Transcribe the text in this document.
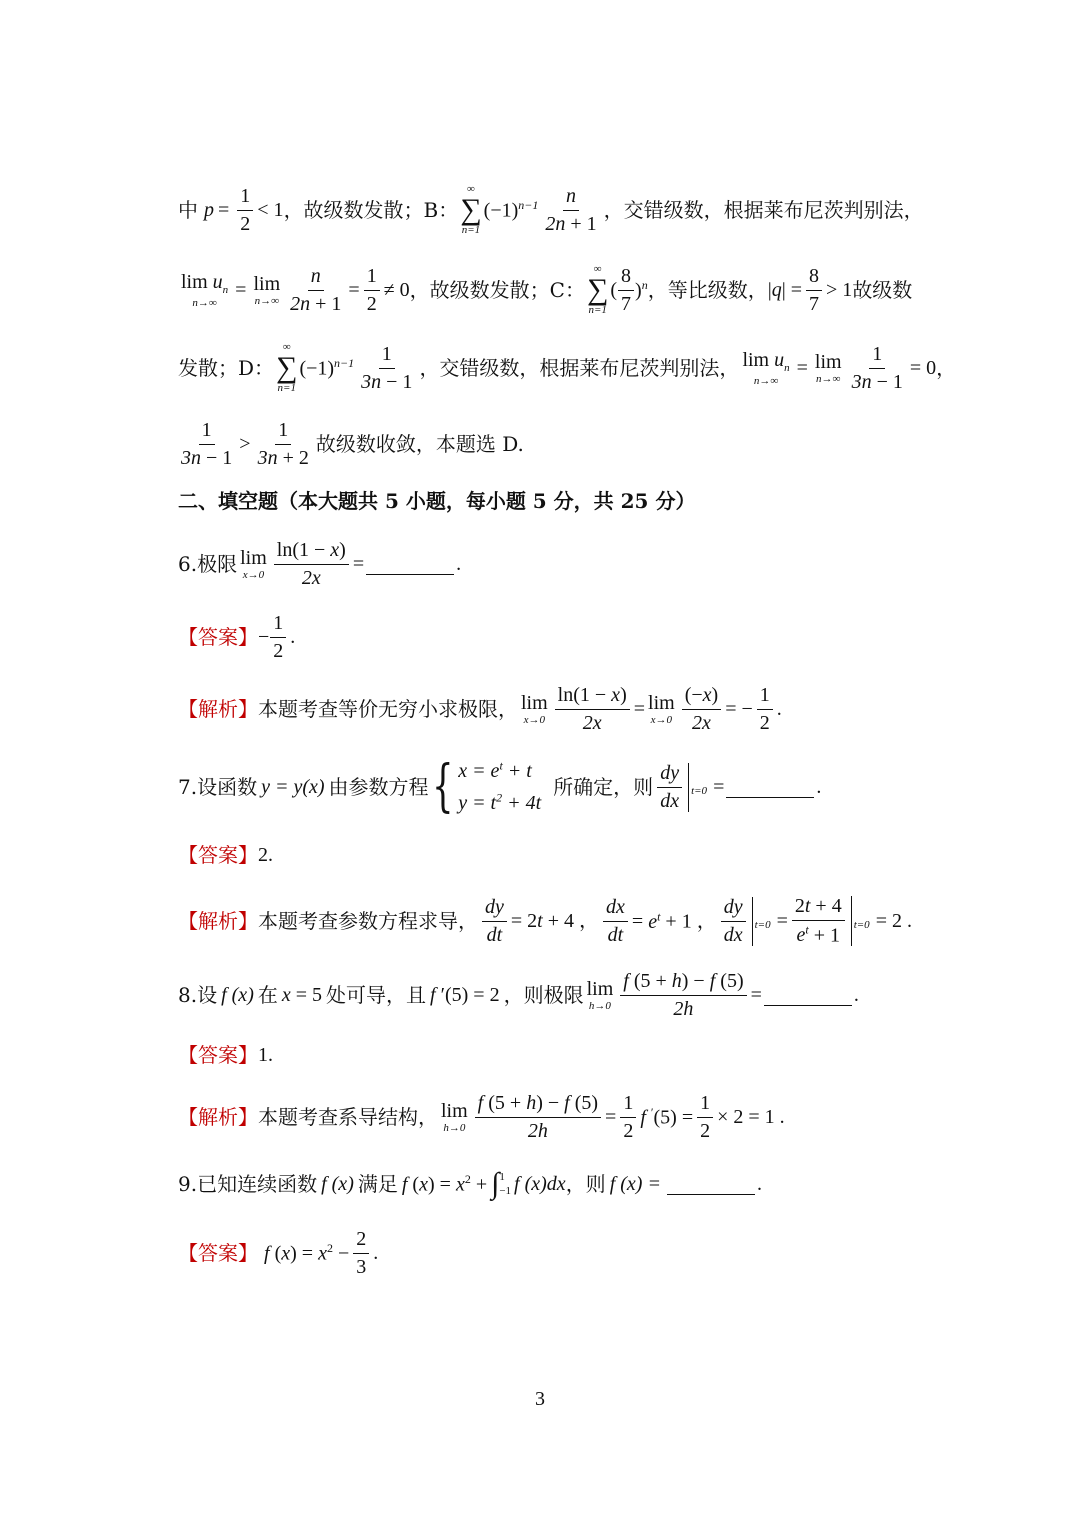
中 $p = \frac{1}{2} < 1$ ，故级数发散；B：
∞
∑
n=1
$(-1)^{n-1} \frac{n}{2n + 1}$ ，交错级数，根据莱布尼茨判别法，
$\lim u_n$
n→∞
= lim
$n\to\infty \frac{n}{2n + 1} = \frac{1}{2} \ne 0$ ，故级数发散；C：
∞
∑
n=1
( $\frac{8}{7} )^n$ ，等比级数， $|q| = \frac{8}{7} > 1$ 故级数
发散；D：
∞
∑
n=1
$(-1)^{n-1} \frac{1}{3n - 1}$ ，交错级数，根据莱布尼茨判别法， $\lim u_n$
n→∞
= lim
$n\to\infty \frac{1}{3n - 1} = 0$ ，
$\frac{1}{3n - 1} > \frac{1}{3n + 2}$ 故级数收敛，本题选 D.
二、填空题（本大题共 5 小题，每小题 5 分，共 25 分）
6.极限 lim
$x\to 0 \frac{\ln(1 - x)}{2x}$ =	.
【答案】 − $\frac{1}{2}$ .
【解析】 本题考查等价无穷小求极限， lim
$x\to 0 \frac{\ln(1 - x)}{2x} = \lim$
$x\to 0 \frac{(-x)}{2x}$ = − $\frac{1}{2}$ .
7.设函数 y = y(x) 由参数方程 { $x = e^t + t$
$y = t^2 + 4t$
所确定，则 $\frac{dy}{dx} t=0$ =	.
【答案】 2.
【解析】 本题考查参数方程求导， $\frac{dy}{dt} = 2t + 4$ ， $\frac{dx}{dt} = e^t + 1$ ， $\frac{dy}{dx} t=0 = \frac{2t + 4}{e^t + 1} t=0 = 2$ .
8.设 f (x) 在 x = 5 处可导，且 f ′(5) = 2 ，则极限 lim
$h\to 0 \frac{f (5 + h) - f (5)}{2h}$ =	.
【答案】 1.
【解析】 本题考查系导结构， lim
$h\to 0 \frac{f (5 + h) - f (5)}{2h} = \frac{1}{2}$ f $'(5) = \frac{1}{2} \times 2 = 1$ .
9.已知连续函数 f (x) 满足 f $(x) = x^2$ + ∫ 1
−1 f (x)dx ，则 f (x) =	.
【答案】 f $(x) = x^2 - \frac{2}{3}$ .
3
